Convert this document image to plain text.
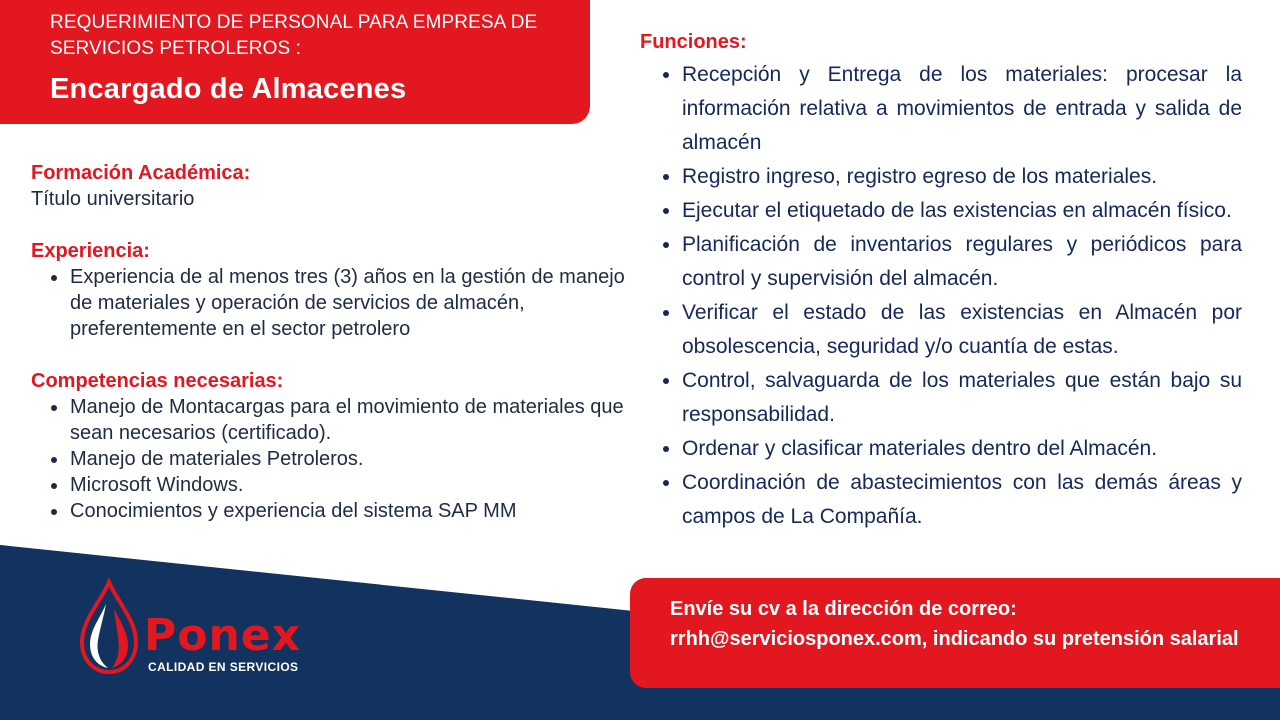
REQUERIMIENTO DE PERSONAL PARA EMPRESA DE SERVICIOS PETROLEROS :
Encargado de Almacenes
Formación Académica:
Título universitario
Experiencia:
Experiencia de al menos tres (3) años en la gestión de manejo de materiales y operación de servicios de almacén, preferentemente en el sector petrolero
Competencias necesarias:
Manejo de Montacargas para el movimiento de materiales que sean necesarios (certificado).
Manejo de materiales Petroleros.
Microsoft Windows.
Conocimientos y experiencia del sistema SAP MM
Funciones:
Recepción y Entrega de los materiales: procesar la información relativa a movimientos de entrada y salida de almacén
Registro ingreso, registro egreso de los materiales.
Ejecutar el etiquetado de las existencias en almacén físico.
Planificación de inventarios regulares y periódicos para control y supervisión del almacén.
Verificar el estado de las existencias en Almacén por obsolescencia, seguridad y/o cuantía de estas.
Control, salvaguarda de los materiales que están bajo su responsabilidad.
Ordenar y clasificar materiales dentro del Almacén.
Coordinación de abastecimientos con las demás áreas y campos de La Compañía.
Ponex
CALIDAD EN SERVICIOS
Envíe su cv a la dirección de correo: rrhh@serviciosponex.com, indicando su pretensión salarial
